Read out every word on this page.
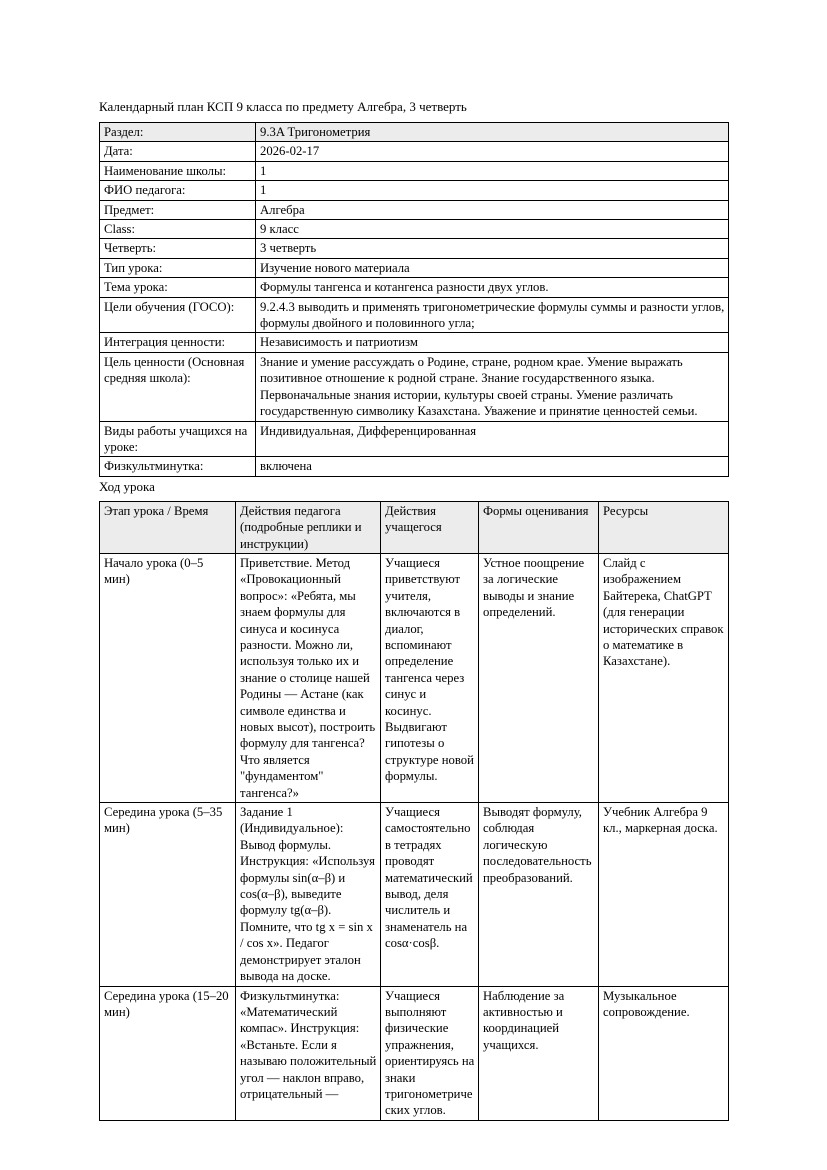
Календарный план КСП 9 класса по предмету Алгебра, 3 четверть
Раздел:	9.3A Тригонометрия
Дата:	2026-02-17
Наименование школы:	1
ФИО педагога:	1
Предмет:	Алгебра
Class:	9 класс
Четверть:	3 четверть
Тип урока:	Изучение нового материала
Тема урока:	Формулы тангенса и котангенса разности двух углов.
Цели обучения (ГОСО):	9.2.4.3 выводить и применять тригонометрические формулы суммы и разности углов, формулы двойного и половинного угла;
Интеграция ценности:	Независимость и патриотизм
Цель ценности (Основная средняя школа):	Знание и умение рассуждать о Родине, стране, родном крае. Умение выражать позитивное отношение к родной стране. Знание государственного языка. Первоначальные знания истории, культуры своей страны. Умение различать государственную символику Казахстана. Уважение и принятие ценностей семьи.
Виды работы учащихся на уроке:	Индивидуальная, Дифференцированная
Физкультминутка:	включена
Ход урока
Этап урока / Время	Действия педагога (подробные реплики и инструкции)	Действия учащегося	Формы оценивания	Ресурсы
Начало урока (0–5 мин)	Приветствие. Метод «Провокационный вопрос»: «Ребята, мы знаем формулы для синуса и косинуса разности. Можно ли, используя только их и знание о столице нашей Родины — Астане (как символе единства и новых высот), построить формулу для тангенса? Что является "фундаментом" тангенса?»	Учащиеся приветствуют учителя, включаются в диалог, вспоминают определение тангенса через синус и косинус. Выдвигают гипотезы о структуре новой формулы.	Устное поощрение за логические выводы и знание определений.	Слайд с изображением Байтерека, ChatGPT (для генерации исторических справок о математике в Казахстане).
Середина урока (5–35 мин)	Задание 1 (Индивидуальное): Вывод формулы. Инструкция: «Используя формулы sin(α–β) и cos(α–β), выведите формулу tg(α–β). Помните, что tg x = sin x / cos x». Педагог демонстрирует эталон вывода на доске.	Учащиеся самостоятельно в тетрадях проводят математический вывод, деля числитель и знаменатель на cosα·cosβ.	Выводят формулу, соблюдая логическую последовательность преобразований.	Учебник Алгебра 9 кл., маркерная доска.
Середина урока (15–20 мин)	Физкультминутка: «Математический компас». Инструкция: «Встаньте. Если я называю положительный угол — наклон вправо, отрицательный —	Учащиеся выполняют физические упражнения, ориентируясь на знаки тригонометрических углов.	Наблюдение за активностью и координацией учащихся.	Музыкальное сопровождение.
